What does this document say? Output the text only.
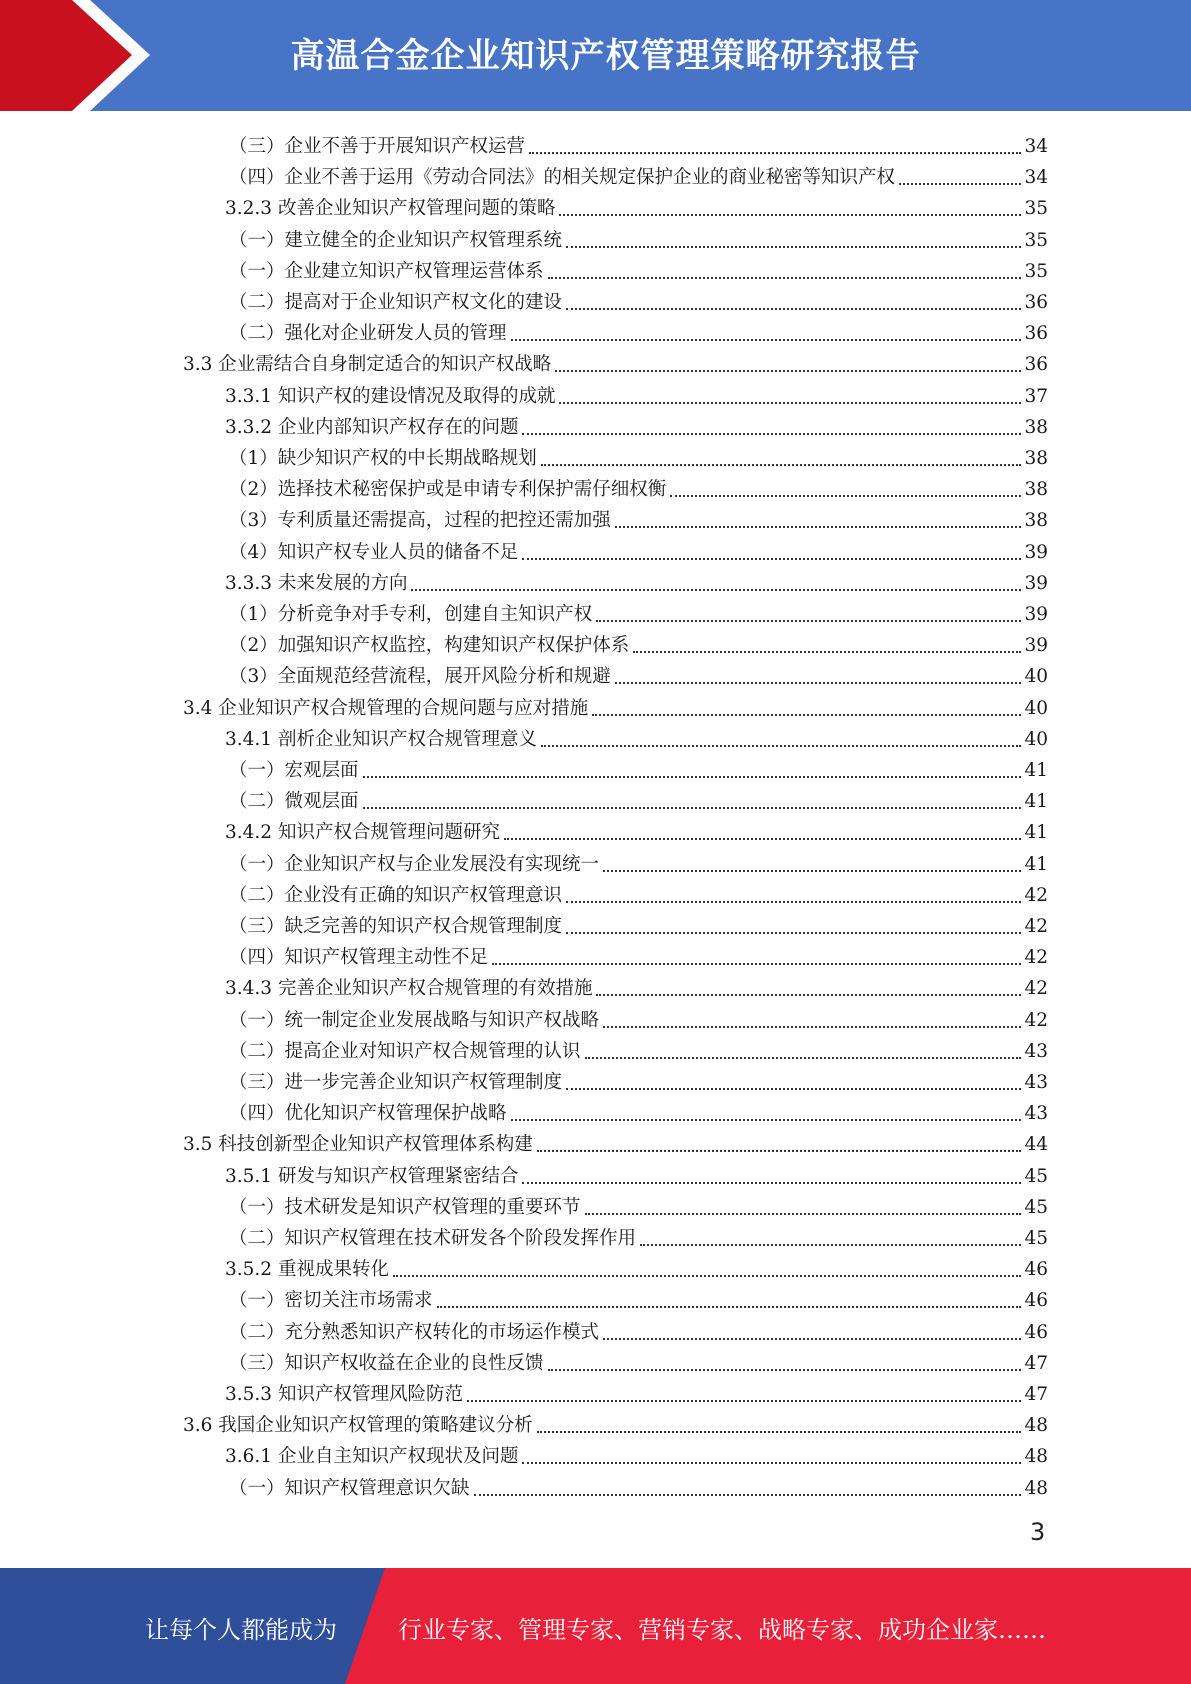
高温合金企业知识产权管理策略研究报告
（三）企业不善于开展知识产权运营	34
（四）企业不善于运用《劳动合同法》的相关规定保护企业的商业秘密等知识产权	34
3.2.3 改善企业知识产权管理问题的策略	35
（一）建立健全的企业知识产权管理系统	35
（一）企业建立知识产权管理运营体系	35
（二）提高对于企业知识产权文化的建设	36
（二）强化对企业研发人员的管理	36
3.3 企业需结合自身制定适合的知识产权战略	36
3.3.1 知识产权的建设情况及取得的成就	37
3.3.2 企业内部知识产权存在的问题	38
（1）缺少知识产权的中长期战略规划	38
（2）选择技术秘密保护或是申请专利保护需仔细权衡	38
（3）专利质量还需提高，过程的把控还需加强	38
（4）知识产权专业人员的储备不足	39
3.3.3 未来发展的方向	39
（1）分析竞争对手专利，创建自主知识产权	39
（2）加强知识产权监控，构建知识产权保护体系	39
（3）全面规范经营流程，展开风险分析和规避	40
3.4 企业知识产权合规管理的合规问题与应对措施	40
3.4.1 剖析企业知识产权合规管理意义	40
（一）宏观层面	41
（二）微观层面	41
3.4.2 知识产权合规管理问题研究	41
（一）企业知识产权与企业发展没有实现统一	41
（二）企业没有正确的知识产权管理意识	42
（三）缺乏完善的知识产权合规管理制度	42
（四）知识产权管理主动性不足	42
3.4.3 完善企业知识产权合规管理的有效措施	42
（一）统一制定企业发展战略与知识产权战略	42
（二）提高企业对知识产权合规管理的认识	43
（三）进一步完善企业知识产权管理制度	43
（四）优化知识产权管理保护战略	43
3.5 科技创新型企业知识产权管理体系构建	44
3.5.1 研发与知识产权管理紧密结合	45
（一）技术研发是知识产权管理的重要环节	45
（二）知识产权管理在技术研发各个阶段发挥作用	45
3.5.2 重视成果转化	46
（一）密切关注市场需求	46
（二）充分熟悉知识产权转化的市场运作模式	46
（三）知识产权收益在企业的良性反馈	47
3.5.3 知识产权管理风险防范	47
3.6 我国企业知识产权管理的策略建议分析	48
3.6.1 企业自主知识产权现状及问题	48
（一）知识产权管理意识欠缺	48
3
让每个人都能成为	行业专家、管理专家、营销专家、战略专家、成功企业家……
